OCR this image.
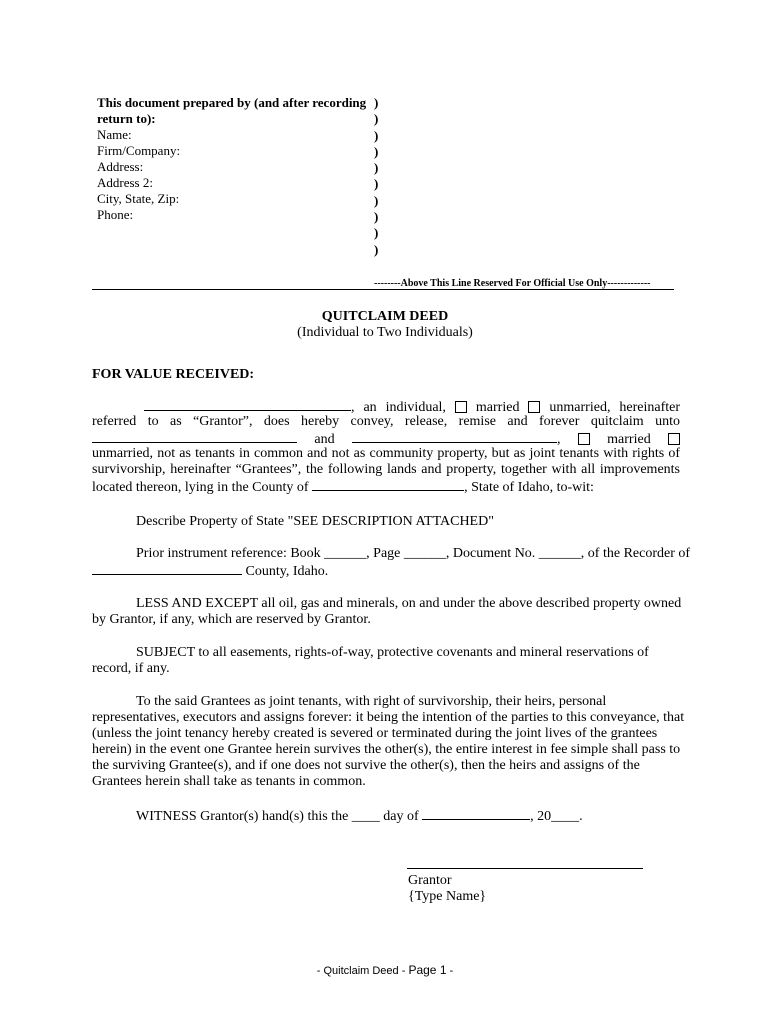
This document prepared by (and after recording
return to):
Name:
Firm/Company:
Address:
Address 2:
City, State, Zip:
Phone:
)
)
)
)
)
)
)
)
)
)
--------Above This Line Reserved For Official Use Only-------------
QUITCLAIM DEED
(Individual to Two Individuals)
FOR VALUE RECEIVED:
, an individual, married unmarried, hereinafter
referred to as “Grantor”, does hereby convey, release, remise and forever quitclaim unto
and	,	married
unmarried, not as tenants in common and not as community property, but as joint tenants with rights of
survivorship, hereinafter “Grantees”, the following lands and property, together with all improvements
located thereon, lying in the County of	, State of Idaho, to-wit:
Describe Property of State "SEE DESCRIPTION ATTACHED"
Prior instrument reference: Book ______, Page ______, Document No. ______, of the Recorder of
County, Idaho.
LESS AND EXCEPT all oil, gas and minerals, on and under the above described property owned
by Grantor, if any, which are reserved by Grantor.
SUBJECT to all easements, rights-of-way, protective covenants and mineral reservations of
record, if any.
To the said Grantees as joint tenants, with right of survivorship, their heirs, personal
representatives, executors and assigns forever: it being the intention of the parties to this conveyance, that
(unless the joint tenancy hereby created is severed or terminated during the joint lives of the grantees
herein) in the event one Grantee herein survives the other(s), the entire interest in fee simple shall pass to
the surviving Grantee(s), and if one does not survive the other(s), then the heirs and assigns of the
Grantees herein shall take as tenants in common.
WITNESS Grantor(s) hand(s) this the ____ day of	, 20____.
Grantor
{Type Name}
- Quitclaim Deed - Page 1 -
